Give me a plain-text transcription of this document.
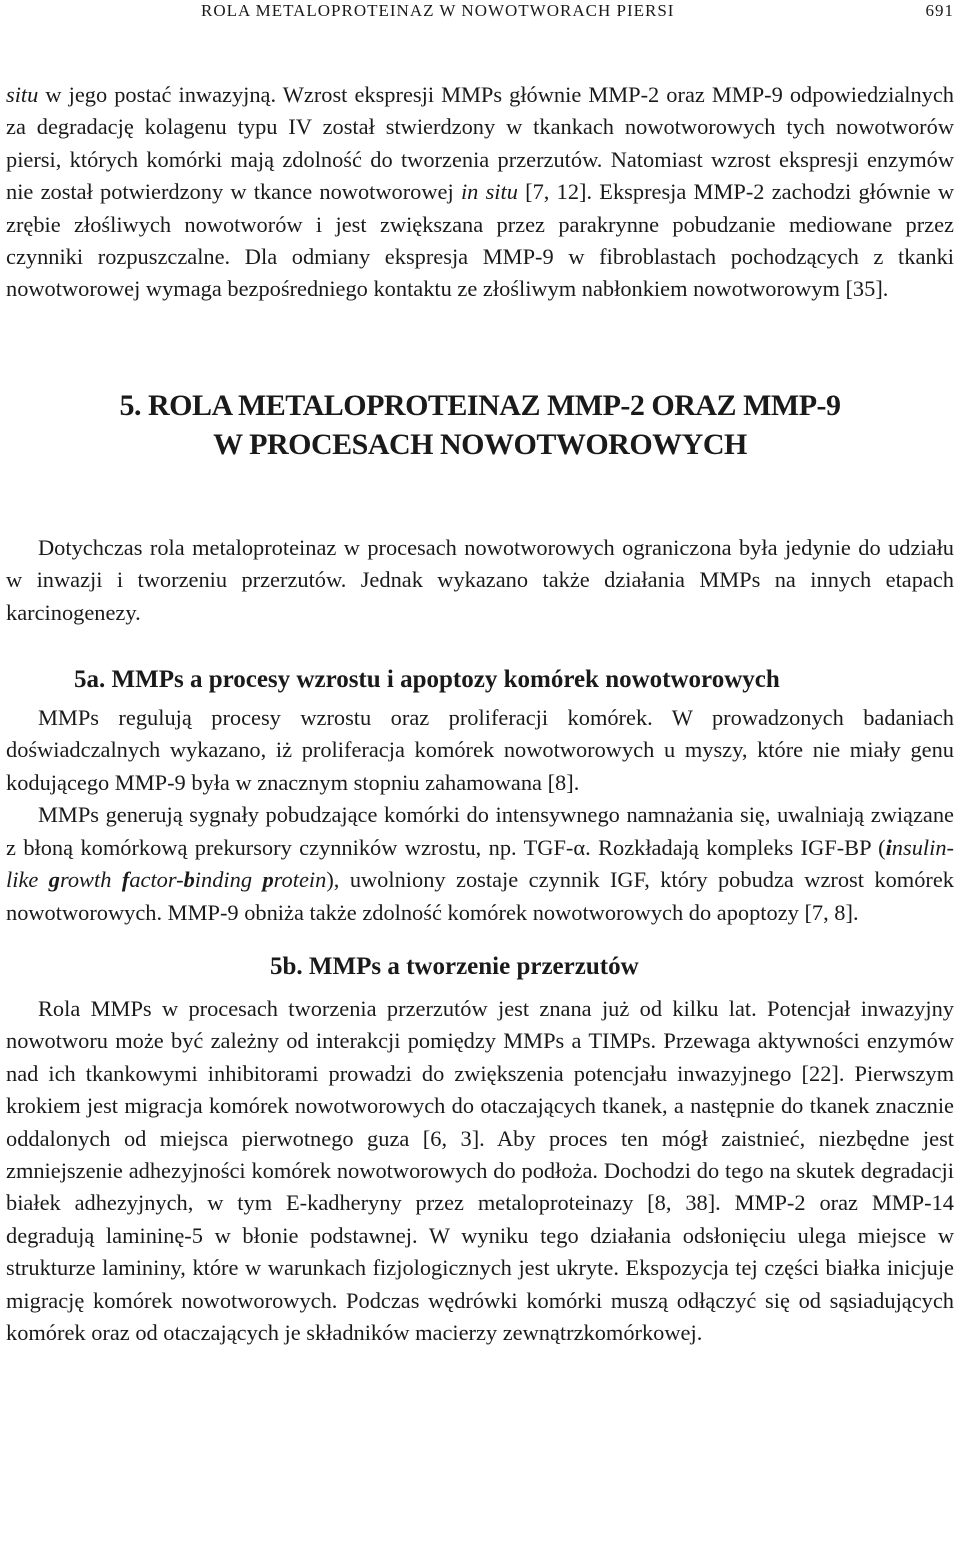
ROLA METALOPROTEINAZ W NOWOTWORACH PIERSI	691

situ w jego postać inwazyjną. Wzrost ekspresji MMPs głównie MMP-2 oraz MMP-9 odpowiedzialnych za degradację kolagenu typu IV został stwierdzony w tkankach nowotworowych tych nowotworów piersi, których komórki mają zdolność do tworzenia przerzutów. Natomiast wzrost ekspresji enzymów nie został potwierdzony w tkance nowotworowej in situ [7, 12]. Ekspresja MMP-2 zachodzi głównie w zrębie złośliwych nowotworów i jest zwiększana przez parakrynne pobudzanie mediowane przez czynniki rozpuszczalne. Dla odmiany ekspresja MMP-9 w fibroblastach pochodzących z tkanki nowotworowej wymaga bezpośredniego kontaktu ze złośliwym nabłonkiem nowotworowym [35].

5. ROLA METALOPROTEINAZ MMP-2 ORAZ MMP-9
W PROCESACH NOWOTWOROWYCH

Dotychczas rola metaloproteinaz w procesach nowotworowych ograniczona była jedynie do udziału w inwazji i tworzeniu przerzutów. Jednak wykazano także działania MMPs na innych etapach karcinogenezy.

5a. MMPs a procesy wzrostu i apoptozy komórek nowotworowych

MMPs regulują procesy wzrostu oraz proliferacji komórek. W prowadzonych badaniach doświadczalnych wykazano, iż proliferacja komórek nowotworowych u myszy, które nie miały genu kodującego MMP-9 była w znacznym stopniu zahamowana [8].

MMPs generują sygnały pobudzające komórki do intensywnego namnażania się, uwalniają związane z błoną komórkową prekursory czynników wzrostu, np. TGF-α. Rozkładają kompleks IGF-BP (insulin-like growth factor-binding protein), uwolniony zostaje czynnik IGF, który pobudza wzrost komórek nowotworowych. MMP-9 obniża także zdolność komórek nowotworowych do apoptozy [7, 8].

5b. MMPs a tworzenie przerzutów

Rola MMPs w procesach tworzenia przerzutów jest znana już od kilku lat. Potencjał inwazyjny nowotworu może być zależny od interakcji pomiędzy MMPs a TIMPs. Przewaga aktywności enzymów nad ich tkankowymi inhibitorami prowadzi do zwiększenia potencjału inwazyjnego [22]. Pierwszym krokiem jest migracja komórek nowotworowych do otaczających tkanek, a następnie do tkanek znacznie oddalonych od miejsca pierwotnego guza [6, 3]. Aby proces ten mógł zaistnieć, niezbędne jest zmniejszenie adhezyjności komórek nowotworowych do podłoża. Dochodzi do tego na skutek degradacji białek adhezyjnych, w tym E-kadheryny przez metaloproteinazy [8, 38]. MMP-2 oraz MMP-14 degradują lamininę-5 w błonie podstawnej. W wyniku tego działania odsłonięciu ulega miejsce w strukturze lamininy, które w warunkach fizjologicznych jest ukryte. Ekspozycja tej części białka inicjuje migrację komórek nowotworowych. Podczas wędrówki komórki muszą odłączyć się od sąsiadujących komórek oraz od otaczających je składników macierzy zewnątrzkomórkowej.
